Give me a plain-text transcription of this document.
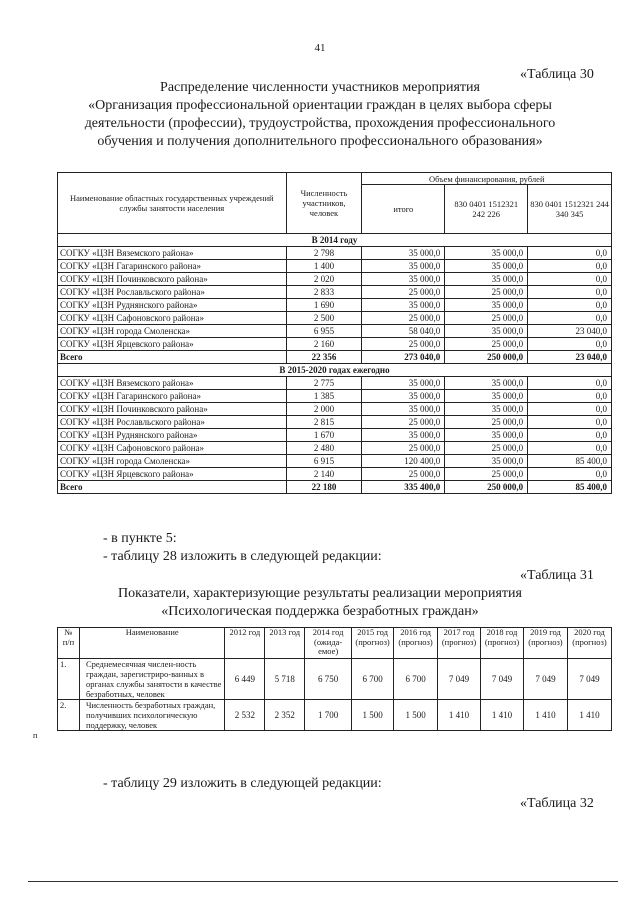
41
«Таблица 30
Распределение численности участников мероприятия
«Организация профессиональной ориентации граждан в целях выбора сферы
деятельности (профессии), трудоустройства, прохождения профессионального
обучения и получения дополнительного профессионального образования»
Наименование областных государственных учреждений службы занятости населения	Численность участников, человек	Объем финансирования, рублей		
		итого	830 0401 1512321 242 226	830 0401 1512321 244 340 345
В 2014 году				
СОГКУ «ЦЗН Вяземского района»	2 798	35 000,0	35 000,0	0,0
СОГКУ «ЦЗН Гагаринского района»	1 400	35 000,0	35 000,0	0,0
СОГКУ «ЦЗН Починковского района»	2 020	35 000,0	35 000,0	0,0
СОГКУ «ЦЗН Рославльского района»	2 833	25 000,0	25 000,0	0,0
СОГКУ «ЦЗН Руднянского района»	1 690	35 000,0	35 000,0	0,0
СОГКУ «ЦЗН Сафоновского района»	2 500	25 000,0	25 000,0	0,0
СОГКУ «ЦЗН города Смоленска»	6 955	58 040,0	35 000,0	23 040,0
СОГКУ «ЦЗН Ярцевского района»	2 160	25 000,0	25 000,0	0,0
Всего	22 356	273 040,0	250 000,0	23 040,0
В 2015-2020 годах ежегодно				
СОГКУ «ЦЗН Вяземского района»	2 775	35 000,0	35 000,0	0,0
СОГКУ «ЦЗН Гагаринского района»	1 385	35 000,0	35 000,0	0,0
СОГКУ «ЦЗН Починковского района»	2 000	35 000,0	35 000,0	0,0
СОГКУ «ЦЗН Рославльского района»	2 815	25 000,0	25 000,0	0,0
СОГКУ «ЦЗН Руднянского района»	1 670	35 000,0	35 000,0	0,0
СОГКУ «ЦЗН Сафоновского района»	2 480	25 000,0	25 000,0	0,0
СОГКУ «ЦЗН города Смоленска»	6 915	120 400,0	35 000,0	85 400,0
СОГКУ «ЦЗН Ярцевского района»	2 140	25 000,0	25 000,0	0,0
Всего	22 180	335 400,0	250 000,0	85 400,0
- в пункте 5:
- таблицу 28 изложить в следующей редакции:
«Таблица 31
Показатели, характеризующие результаты реализации мероприятия
«Психологическая поддержка безработных граждан»
№ п/п	Наименование	2012 год	2013 год	2014 год (ожида-емое)	2015 год (прогноз)	2016 год (прогноз)	2017 год (прогноз)	2018 год (прогноз)	2019 год (прогноз)	2020 год (прогноз)
1.	Среднемесячная числен-ность граждан, зарегистриро-ванных в органах службы занятости в качестве безработных, человек	6 449	5 718	6 750	6 700	6 700	7 049	7 049	7 049	7 049
2.	Численность безработных граждан, получивших психологическую поддержку, человек	2 532	2 352	1 700	1 500	1 500	1 410	1 410	1 410	1 410
п
- таблицу 29 изложить в следующей редакции:
«Таблица 32
